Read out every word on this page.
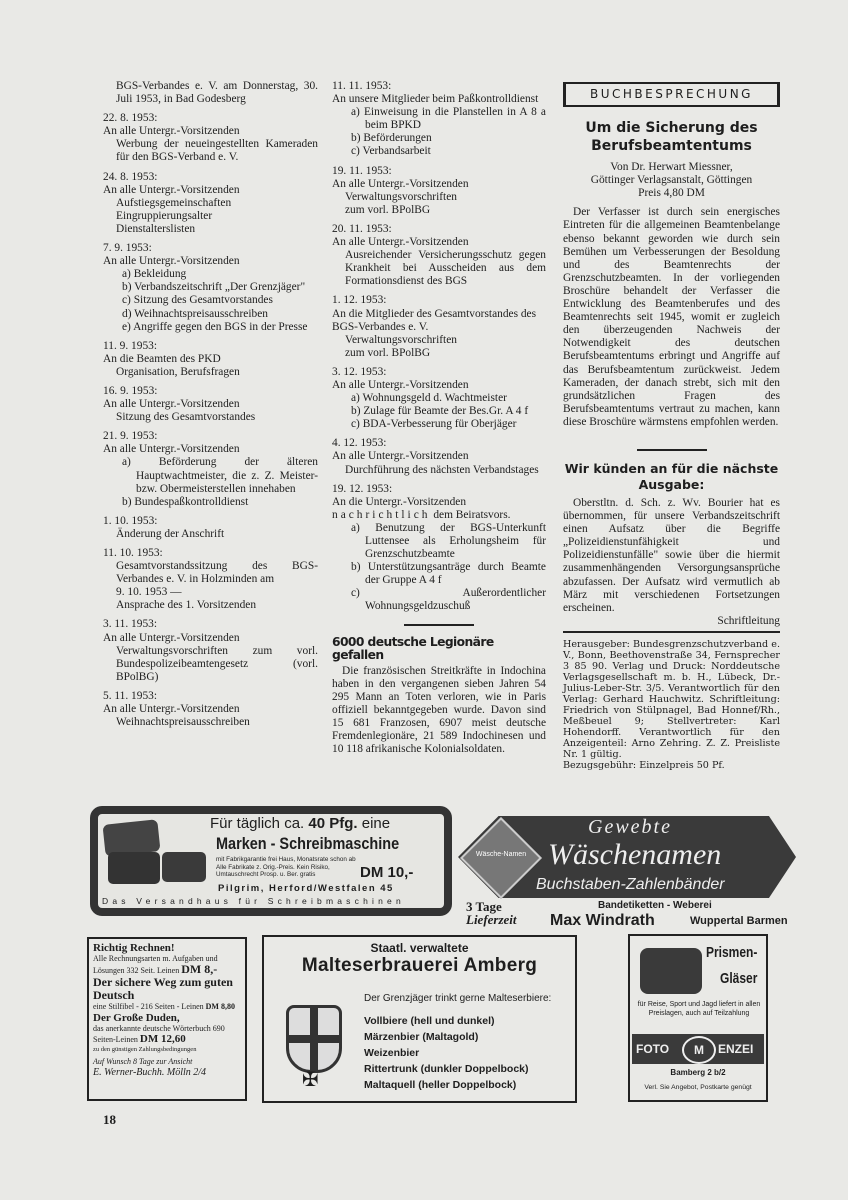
BGS-Verbandes e. V. am Donnerstag, 30. Juli 1953, in Bad Godesberg
22. 8. 1953:
An alle Untergr.-Vorsitzenden
Werbung der neueingestellten Kameraden für den BGS-Verband e. V.
24. 8. 1953:
An alle Untergr.-Vorsitzenden
Aufstiegsgemeinschaften
Eingruppierungsalter
Dienstalterslisten
7. 9. 1953:
An alle Untergr.-Vorsitzenden
a) Bekleidung
b) Verbandszeitschrift „Der Grenzjäger"
c) Sitzung des Gesamtvorstandes
d) Weihnachtspreisausschreiben
e) Angriffe gegen den BGS in der Presse
11. 9. 1953:
An die Beamten des PKD
Organisation, Berufsfragen
16. 9. 1953:
An alle Untergr.-Vorsitzenden
Sitzung des Gesamtvorstandes
21. 9. 1953:
An alle Untergr.-Vorsitzenden
a) Beförderung der älteren Hauptwachtmeister, die z. Z. Meister- bzw. Obermeisterstellen innehaben
b) Bundespaßkontrolldienst
1. 10. 1953:
Änderung der Anschrift
11. 10. 1953:
Gesamtvorstandssitzung des BGS-Verbandes e. V. in Holzminden am
9. 10. 1953 —
Ansprache des 1. Vorsitzenden
3. 11. 1953:
An alle Untergr.-Vorsitzenden
Verwaltungsvorschriften zum vorl. Bundespolizeibeamtengesetz (vorl. BPolBG)
5. 11. 1953:
An alle Untergr.-Vorsitzenden
Weihnachtspreisausschreiben
11. 11. 1953:
An unsere Mitglieder beim Paßkontrolldienst
a) Einweisung in die Planstellen in A 8 a beim BPKD
b) Beförderungen
c) Verbandsarbeit
19. 11. 1953:
An alle Untergr.-Vorsitzenden
Verwaltungsvorschriften
zum vorl. BPolBG
20. 11. 1953:
An alle Untergr.-Vorsitzenden
Ausreichender Versicherungsschutz gegen Krankheit bei Ausscheiden aus dem Formationsdienst des BGS
1. 12. 1953:
An die Mitglieder des Gesamtvorstandes des BGS-Verbandes e. V.
Verwaltungsvorschriften
zum vorl. BPolBG
3. 12. 1953:
An alle Untergr.-Vorsitzenden
a) Wohnungsgeld d. Wachtmeister
b) Zulage für Beamte der Bes.Gr. A 4 f
c) BDA-Verbesserung für Oberjäger
4. 12. 1953:
An alle Untergr.-Vorsitzenden
Durchführung des nächsten Verbandstages
19. 12. 1953:
An die Untergr.-Vorsitzenden
nachrichtlich dem Beiratsvors.
a) Benutzung der BGS-Unterkunft Luttensee als Erholungsheim für Grenzschutzbeamte
b) Unterstützungsanträge durch Beamte der Gruppe A 4 f
c) Außerordentlicher Wohnungsgeldzuschuß
6000 deutsche Legionäre gefallen
Die französischen Streitkräfte in Indochina haben in den vergangenen sieben Jahren 54 295 Mann an Toten verloren, wie in Paris offiziell bekanntgegeben wurde. Davon sind 15 681 Franzosen, 6907 meist deutsche Fremdenlegionäre, 21 589 Indochinesen und 10 118 afrikanische Kolonialsoldaten.
BUCHBESPRECHUNG
Um die Sicherung des Berufsbeamtentums
Von Dr. Herwart Miessner,
Göttinger Verlagsanstalt, Göttingen
Preis 4,80 DM
Der Verfasser ist durch sein energisches Eintreten für die allgemeinen Beamtenbelange ebenso bekannt geworden wie durch sein Bemühen um Verbesserungen der Besoldung und des Beamtenrechts der Grenzschutzbeamten. In der vorliegenden Broschüre behandelt der Verfasser die Entwicklung des Beamtenberufes und des Beamtenrechts seit 1945, womit er zugleich den überzeugenden Nachweis der Notwendigkeit des deutschen Berufsbeamtentums erbringt und Angriffe auf das Berufsbeamtentum zurückweist. Jedem Kameraden, der danach strebt, sich mit den grundsätzlichen Fragen des Berufsbeamtentums vertraut zu machen, kann diese Broschüre wärmstens empfohlen werden.
Wir künden an für die nächste Ausgabe:
Oberstltn. d. Sch. z. Wv. Bourier hat es übernommen, für unsere Verbandszeitschrift einen Aufsatz über die Begriffe „Polizeidienstunfähigkeit und Polizeidienstunfälle" sowie über die hiermit zusammenhängenden Versorgungsansprüche abzufassen. Der Aufsatz wird vermutlich ab März mit verschiedenen Fortsetzungen erscheinen.
Schriftleitung
Herausgeber: Bundesgrenzschutzverband e. V., Bonn, Beethovenstraße 34, Fernsprecher 3 85 90. Verlag und Druck: Norddeutsche Verlagsgesellschaft m. b. H., Lübeck, Dr.-Julius-Leber-Str. 3/5. Verantwortlich für den Verlag: Gerhard Hauchwitz. Schriftleitung: Friedrich von Stülpnagel, Bad Honnef/Rh., Meßbeuel 9; Stellvertreter: Karl Hohendorff. Verantwortlich für den Anzeigenteil: Arno Zehring. Z. Z. Preisliste Nr. 1 gültig.
Bezugsgebühr: Einzelpreis 50 Pf.
Für täglich ca. 40 Pfg. eine
Marken - Schreibmaschine
mit Fabrikgarantie frei Haus, Monatsrate schon ab
Alle Fabrikate z. Orig.-Preis. Kein Risiko, Umtauschrecht Prosp. u. Ber. gratis	DM 10,-
Pilgrim, Herford/Westfalen 45
Das Versandhaus für Schreibmaschinen
Wäsche-Namen
Gewebte
Wäschenamen
Buchstaben-Zahlenbänder
3 Tage
Lieferzeit
Bandetiketten - Weberei
Max Windrath	Wuppertal Barmen
Richtig Rechnen!
Alle Rechnungsarten m. Aufgaben und Lösungen 332 Seit. Leinen DM 8,-
Der sichere Weg zum guten Deutsch
eine Stilfibel - 216 Seiten - Leinen DM 8,80
Der Große Duden,
das anerkannte deutsche Wörterbuch 690 Seiten-Leinen DM 12,60
zu den günstigen Zahlungsbedingungen
Auf Wunsch 8 Tage zur Ansicht
E. Werner-Buchh. Mölln 2/4
Staatl. verwaltete
Malteserbrauerei Amberg
✠
Der Grenzjäger trinkt gerne Malteserbiere:
Vollbiere (hell und dunkel)
Märzenbier (Maltagold)
Weizenbier
Rittertrunk (dunkler Doppelbock)
Maltaquell (heller Doppelbock)
Prismen-
Gläser
für Reise, Sport und Jagd liefert in allen Preislagen, auch auf Teilzahlung
FOTO	M	ENZEI
Bamberg 2 b/2
Verl. Sie Angebot, Postkarte genügt
18
